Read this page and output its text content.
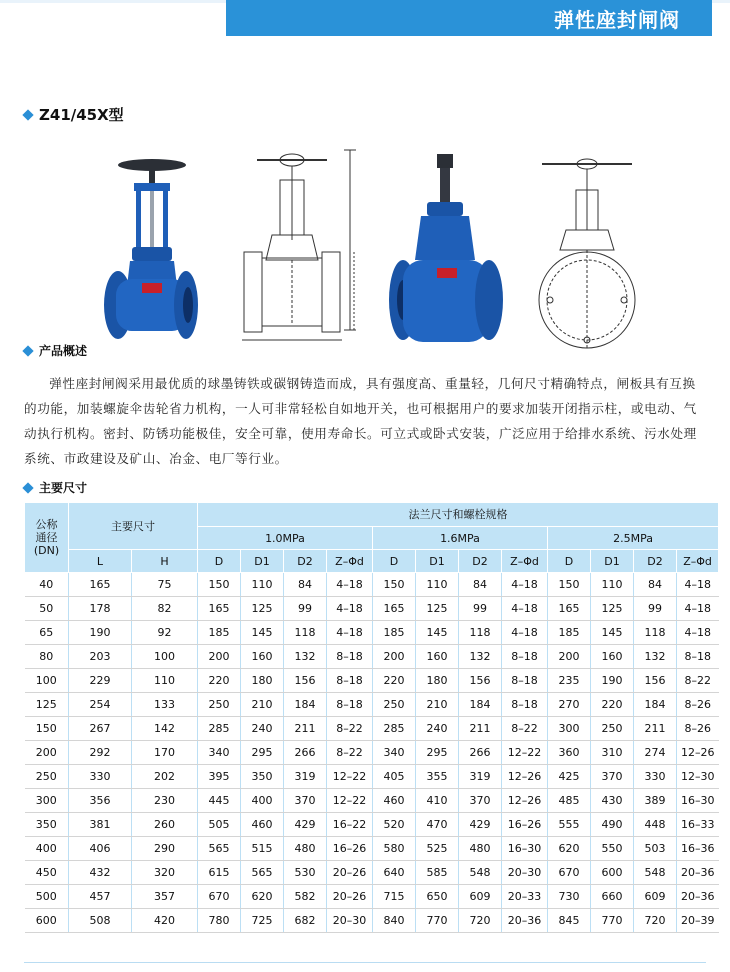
弹性座封闸阀
Z41/45X型
产品概述

弹性座封闸阀采用最优质的球墨铸铁或碳钢铸造而成，具有强度高、重量轻，几何尺寸精确特点，闸板具有互换的功能，加装螺旋伞齿轮省力机构，一人可非常轻松自如地开关，也可根据用户的要求加装开闭指示柱，或电动、气动执行机构。密封、防锈功能极佳，安全可靠，使用寿命长。可立式或卧式安装，广泛应用于给排水系统、污水处理系统、市政建设及矿山、冶金、电厂等行业。

主要尺寸
公称
通径
(DN)	主要尺寸		法兰尺寸和螺栓规格											
			1.0MPa				1.6MPa				2.5MPa			
	L	H	D	D1	D2	Z–Φd	D	D1	D2	Z–Φd	D	D1	D2	Z–Φd
40	165	75	150	110	84	4–18	150	110	84	4–18	150	110	84	4–18
50	178	82	165	125	99	4–18	165	125	99	4–18	165	125	99	4–18
65	190	92	185	145	118	4–18	185	145	118	4–18	185	145	118	4–18
80	203	100	200	160	132	8–18	200	160	132	8–18	200	160	132	8–18
100	229	110	220	180	156	8–18	220	180	156	8–18	235	190	156	8–22
125	254	133	250	210	184	8–18	250	210	184	8–18	270	220	184	8–26
150	267	142	285	240	211	8–22	285	240	211	8–22	300	250	211	8–26
200	292	170	340	295	266	8–22	340	295	266	12–22	360	310	274	12–26
250	330	202	395	350	319	12–22	405	355	319	12–26	425	370	330	12–30
300	356	230	445	400	370	12–22	460	410	370	12–26	485	430	389	16–30
350	381	260	505	460	429	16–22	520	470	429	16–26	555	490	448	16–33
400	406	290	565	515	480	16–26	580	525	480	16–30	620	550	503	16–36
450	432	320	615	565	530	20–26	640	585	548	20–30	670	600	548	20–36
500	457	357	670	620	582	20–26	715	650	609	20–33	730	660	609	20–36
600	508	420	780	725	682	20–30	840	770	720	20–36	845	770	720	20–39
